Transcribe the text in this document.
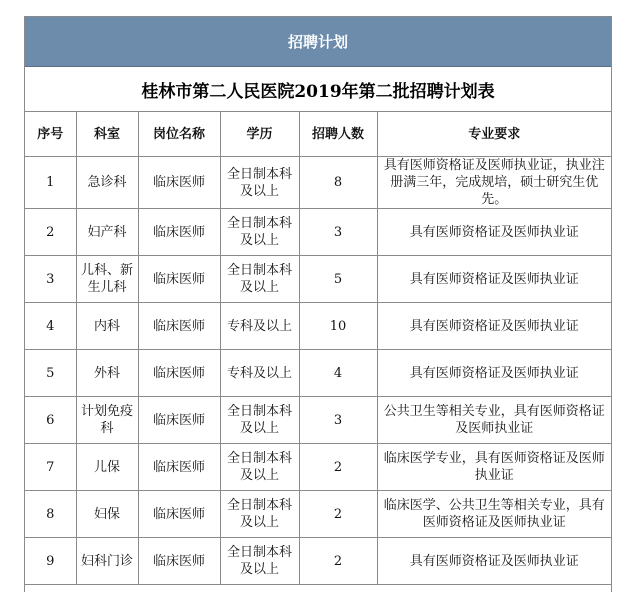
招聘计划
桂林市第二人民医院2019年第二批招聘计划表
序号	科室	岗位名称	学历	招聘人数	专业要求
1	急诊科	临床医师	全日制本科及以上	8	具有医师资格证及医师执业证，执业注册满三年，完成规培，硕士研究生优先。
2	妇产科	临床医师	全日制本科及以上	3	具有医师资格证及医师执业证
3	儿科、新生儿科	临床医师	全日制本科及以上	5	具有医师资格证及医师执业证
4	内科	临床医师	专科及以上	10	具有医师资格证及医师执业证
5	外科	临床医师	专科及以上	4	具有医师资格证及医师执业证
6	计划免疫科	临床医师	全日制本科及以上	3	公共卫生等相关专业，具有医师资格证及医师执业证
7	儿保	临床医师	全日制本科及以上	2	临床医学专业，具有医师资格证及医师执业证
8	妇保	临床医师	全日制本科及以上	2	临床医学、公共卫生等相关专业，具有医师资格证及医师执业证
9	妇科门诊	临床医师	全日制本科及以上	2	具有医师资格证及医师执业证
